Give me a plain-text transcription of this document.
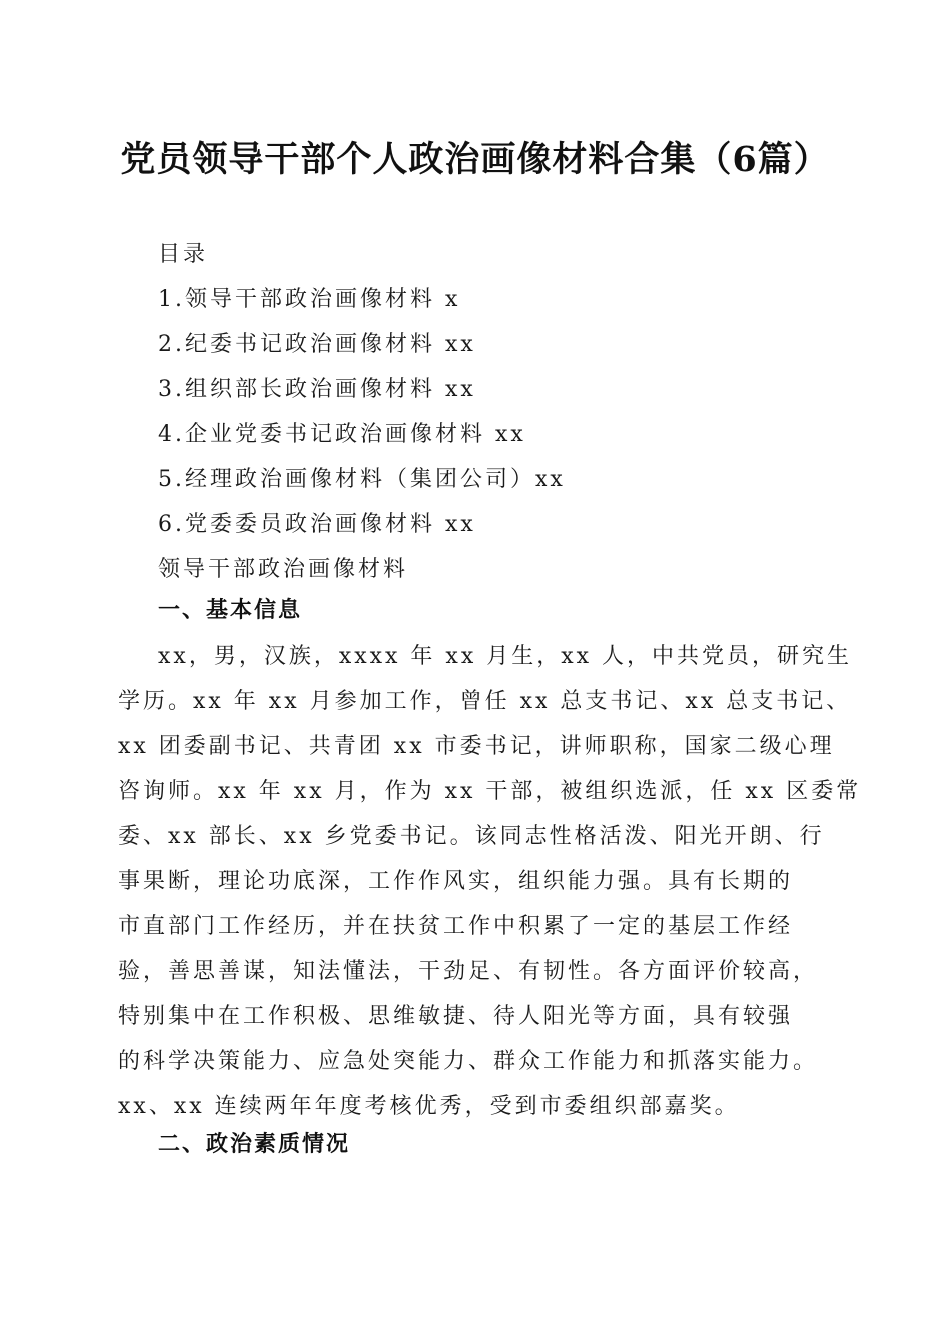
党员领导干部个人政治画像材料合集（6篇）
目录
1.领导干部政治画像材料 x
2.纪委书记政治画像材料 xx
3.组织部长政治画像材料 xx
4.企业党委书记政治画像材料 xx
5.经理政治画像材料（集团公司）xx
6.党委委员政治画像材料 xx
领导干部政治画像材料
一、基本信息
xx，男，汉族，xxxx 年 xx 月生，xx 人，中共党员，研究生
学历。xx 年 xx 月参加工作，曾任 xx 总支书记、xx 总支书记、
xx 团委副书记、共青团 xx 市委书记，讲师职称，国家二级心理
咨询师。xx 年 xx 月，作为 xx 干部，被组织选派，任 xx 区委常
委、xx 部长、xx 乡党委书记。该同志性格活泼、阳光开朗、行
事果断，理论功底深，工作作风实，组织能力强。具有长期的
市直部门工作经历，并在扶贫工作中积累了一定的基层工作经
验，善思善谋，知法懂法，干劲足、有韧性。各方面评价较高，
特别集中在工作积极、思维敏捷、待人阳光等方面，具有较强
的科学决策能力、应急处突能力、群众工作能力和抓落实能力。
xx、xx 连续两年年度考核优秀，受到市委组织部嘉奖。
二、政治素质情况
